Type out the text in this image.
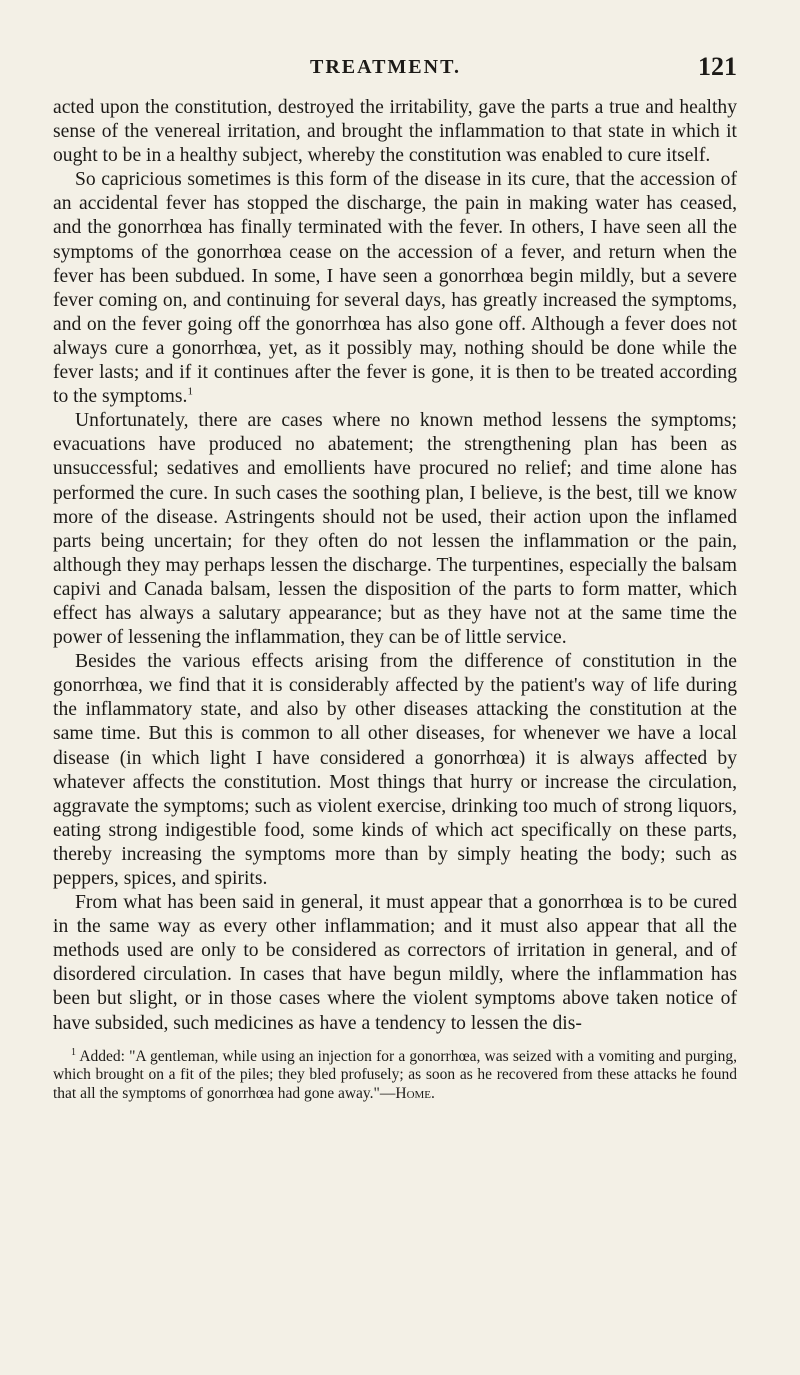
TREATMENT.	121

acted upon the constitution, destroyed the irritability, gave the parts a true and healthy sense of the venereal irritation, and brought the inflammation to that state in which it ought to be in a healthy subject, whereby the constitution was enabled to cure itself.

So capricious sometimes is this form of the disease in its cure, that the accession of an accidental fever has stopped the discharge, the pain in making water has ceased, and the gonorrhœa has finally terminated with the fever. In others, I have seen all the symptoms of the gonorrhœa cease on the accession of a fever, and return when the fever has been subdued. In some, I have seen a gonorrhœa begin mildly, but a severe fever coming on, and continuing for several days, has greatly increased the symptoms, and on the fever going off the gonorrhœa has also gone off. Although a fever does not always cure a gonorrhœa, yet, as it possibly may, nothing should be done while the fever lasts; and if it continues after the fever is gone, it is then to be treated according to the symptoms.$^1$

Unfortunately, there are cases where no known method lessens the symptoms; evacuations have produced no abatement; the strengthening plan has been as unsuccessful; sedatives and emollients have procured no relief; and time alone has performed the cure. In such cases the soothing plan, I believe, is the best, till we know more of the disease. Astringents should not be used, their action upon the inflamed parts being uncertain; for they often do not lessen the inflammation or the pain, although they may perhaps lessen the discharge. The turpentines, especially the balsam capivi and Canada balsam, lessen the disposition of the parts to form matter, which effect has always a salutary appearance; but as they have not at the same time the power of lessening the inflammation, they can be of little service.

Besides the various effects arising from the difference of constitution in the gonorrhœa, we find that it is considerably affected by the patient's way of life during the inflammatory state, and also by other diseases attacking the constitution at the same time. But this is common to all other diseases, for whenever we have a local disease (in which light I have considered a gonorrhœa) it is always affected by whatever affects the constitution. Most things that hurry or increase the circulation, aggravate the symptoms; such as violent exercise, drinking too much of strong liquors, eating strong indigestible food, some kinds of which act specifically on these parts, thereby increasing the symptoms more than by simply heating the body; such as peppers, spices, and spirits.

From what has been said in general, it must appear that a gonorrhœa is to be cured in the same way as every other inflammation; and it must also appear that all the methods used are only to be considered as correctors of irritation in general, and of disordered circulation. In cases that have begun mildly, where the inflammation has been but slight, or in those cases where the violent symptoms above taken notice of have subsided, such medicines as have a tendency to lessen the dis-

$^1$ Added: "A gentleman, while using an injection for a gonorrhœa, was seized with a vomiting and purging, which brought on a fit of the piles; they bled profusely; as soon as he recovered from these attacks he found that all the symptoms of gonorrhœa had gone away."—Home.
